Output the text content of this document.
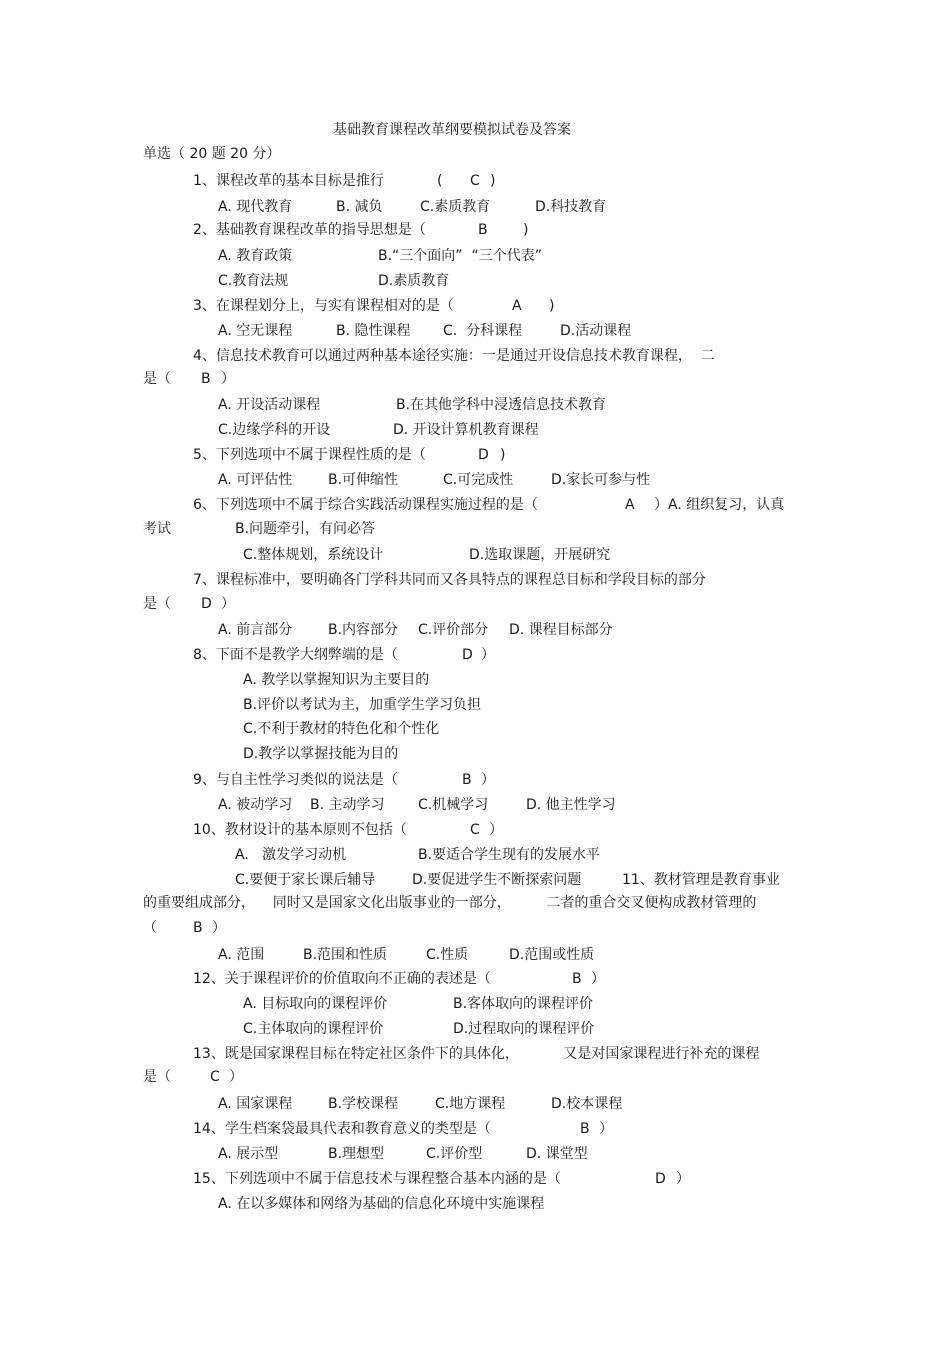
基础教育课程改革纲要模拟试卷及答案
单选（ 20 题 20 分）
1、课程改革的基本目标是推行	( C )
A. 现代教育	B. 减负	C.素质教育	D.科技教育
2、基础教育课程改革的指导思想是（	B	)
A. 教育政策	B.“三个面向”  “三个代表”
C.教育法规	D.素质教育
3、在课程划分上，与实有课程相对的是（	A )
A. 空无课程	B. 隐性课程 C.  分科课程	D.活动课程
4、信息技术教育可以通过两种基本途径实施：一是通过开设信息技术教育课程，  二
是（ B ）
A. 开设活动课程	B.在其他学科中浸透信息技术教育
C.边缘学科的开设	D. 开设计算机教育课程
5、下列选项中不属于课程性质的是（	D )
A. 可评估性	B.可伸缩性	C.可完成性	D.家长可参与性
6、下列选项中不属于综合实践活动课程实施过程的是（	A ）A. 组织复习，认真
考试	B.问题牵引，有问必答
C.整体规划，系统设计	D.选取课题，开展研究
7、课程标准中，要明确各门学科共同而又各具特点的课程总目标和学段目标的部分
是（ D ）
A. 前言部分	B.内容部分 C.评价部分 D. 课程目标部分
8、下面不是教学大纲弊端的是（	D ）
A. 教学以掌握知识为主要目的
B.评价以考试为主，加重学生学习负担
C.不利于教材的特色化和个性化
D.教学以掌握技能为目的
9、与自主性学习类似的说法是（	B ）
A. 被动学习 B. 主动学习 C.机械学习	D. 他主性学习
10、教材设计的基本原则不包括（	C ）
A.   激发学习动机	B.要适合学生现有的发展水平
C.要便于家长课后辅导	D.要促进学生不断探索问题	11、教材管理是教育事业
的重要组成部分，    同时又是国家文化出版事业的一部分，        二者的重合交叉便构成教材管理的
（	B ）
A. 范围	B.范围和性质	C.性质	D.范围或性质
12、关于课程评价的价值取向不正确的表述是（	B ）
A. 目标取向的课程评价	B.客体取向的课程评价
C.主体取向的课程评价	D.过程取向的课程评价
13、既是国家课程目标在特定社区条件下的具体化，          又是对国家课程进行补充的课程
是（	C ）
A. 国家课程	B.学校课程	C.地方课程	D.校本课程
14、学生档案袋最具代表和教育意义的类型是（	B ）
A. 展示型	B.理想型	C.评价型	D. 课堂型
15、下列选项中不属于信息技术与课程整合基本内涵的是（	D ）
A. 在以多媒体和网络为基础的信息化环境中实施课程
